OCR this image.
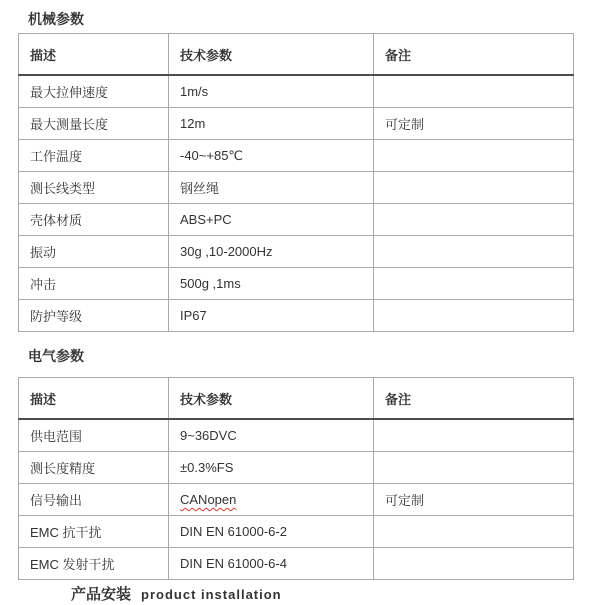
机械参数

描述	技术参数	备注
最大拉伸速度	1m/s	
最大测量长度	12m	可定制
工作温度	-40~+85℃	
测长线类型	钢丝绳	
壳体材质	ABS+PC	
振动	30g ,10-2000Hz	
冲击	500g ,1ms	
防护等级	IP67	

电气参数

描述	技术参数	备注
供电范围	9~36DVC	
测长度精度	±0.3%FS	
信号输出	CANopen	可定制
EMC 抗干扰	DIN EN 61000-6-2	
EMC 发射干扰	DIN EN 61000-6-4	
产品安装 product installation
